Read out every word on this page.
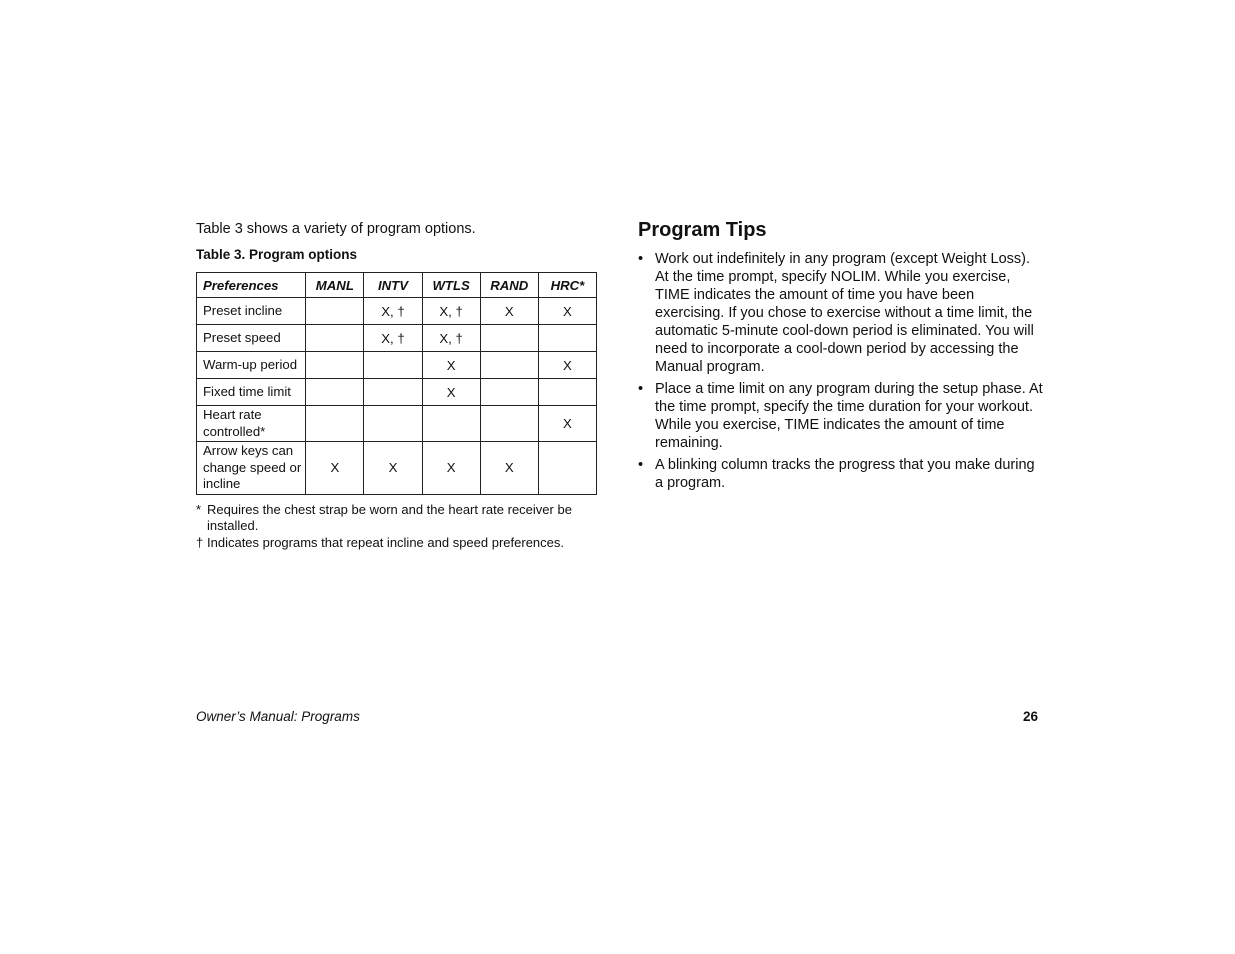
Table 3 shows a variety of program options.

Table 3. Program options
Preferences	MANL	INTV	WTLS	RAND	HRC*
Preset incline		X, †	X, †	X	X
Preset speed		X, †	X, †		
Warm-up period			X		X
Fixed time limit			X		
Heart rate controlled*					X
Arrow keys can change speed or incline	X	X	X	X	
* Requires the chest strap be worn and the heart rate receiver be installed.
† Indicates programs that repeat incline and speed preferences.
Program Tips
• Work out indefinitely in any program (except Weight Loss). At the time prompt, specify NOLIM. While you exercise, TIME indicates the amount of time you have been exercising. If you chose to exercise without a time limit, the automatic 5-minute cool-down period is eliminated. You will need to incorporate a cool-down period by accessing the Manual program.
• Place a time limit on any program during the setup phase. At the time prompt, specify the time duration for your workout. While you exercise, TIME indicates the amount of time remaining.
• A blinking column tracks the progress that you make during a program.
Owner’s Manual: Programs	26
